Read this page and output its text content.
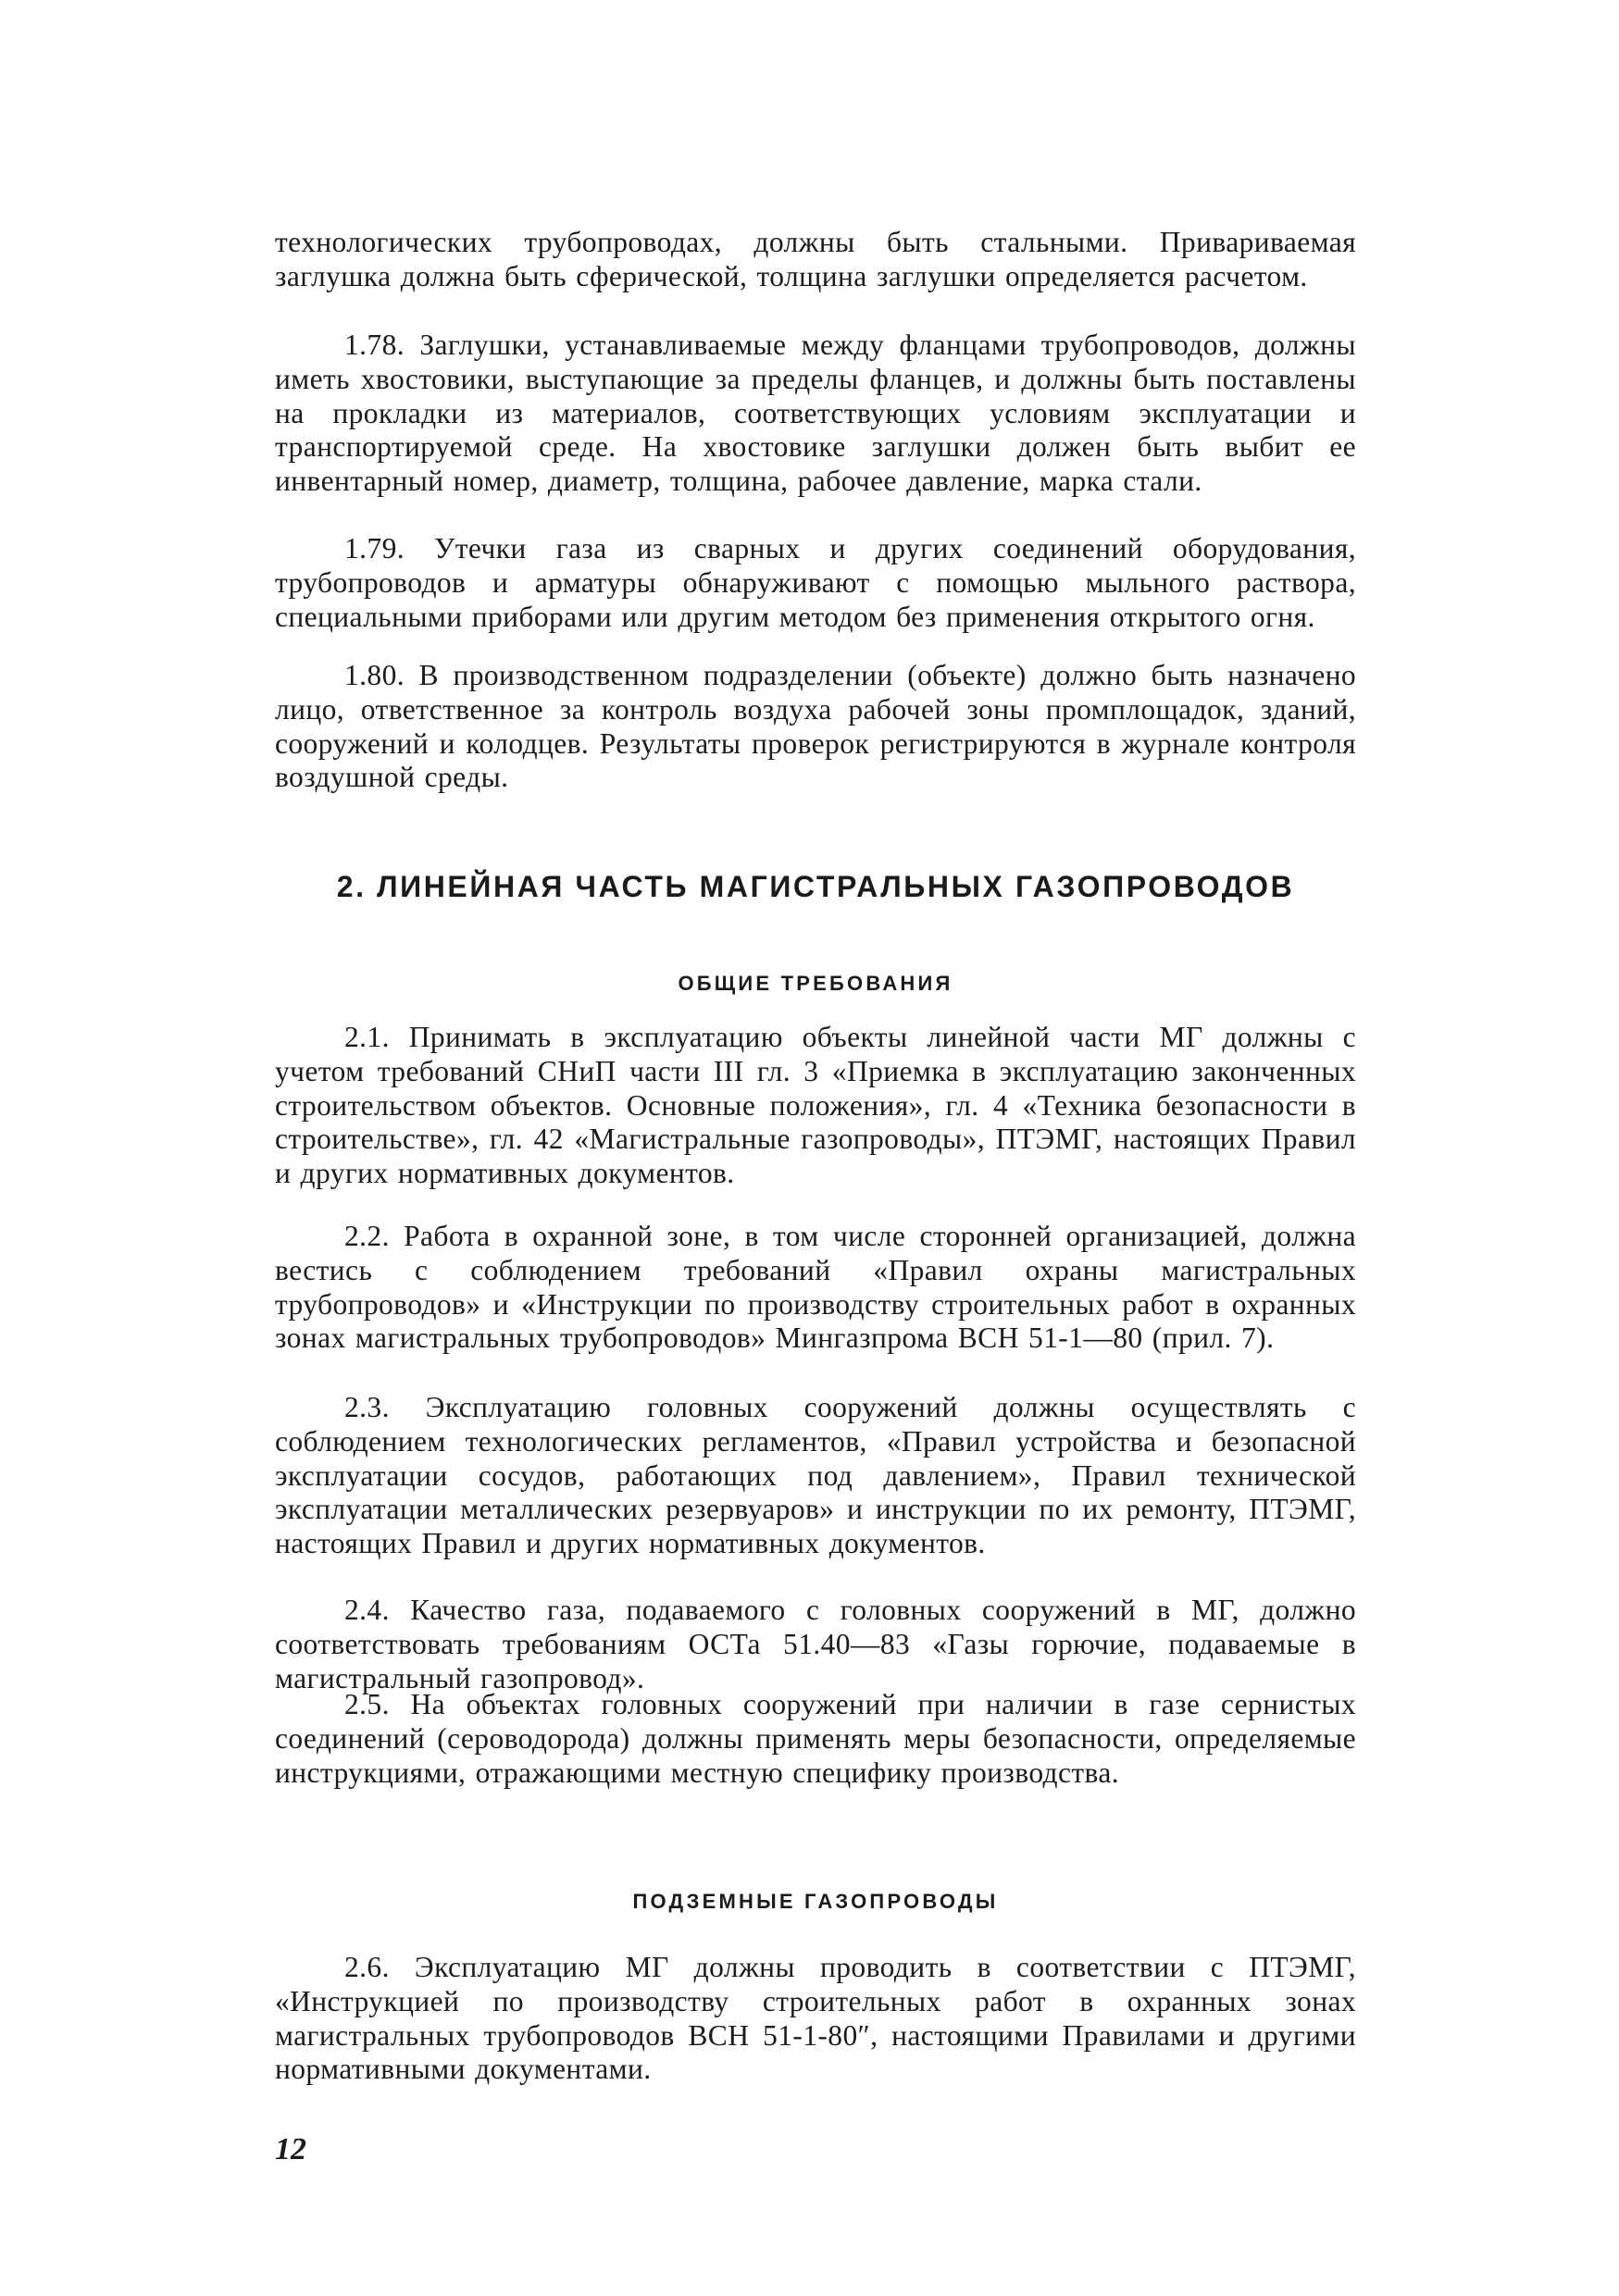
технологических трубопроводах, должны быть стальными. Привариваемая заглушка должна быть сферической, толщина заглушки определяется расчетом.

1.78. Заглушки, устанавливаемые между фланцами трубопроводов, должны иметь хвостовики, выступающие за пределы фланцев, и должны быть поставлены на прокладки из материалов, соответствующих условиям эксплуатации и транспортируемой среде. На хвостовике заглушки должен быть выбит ее инвентарный номер, диаметр, толщина, рабочее давление, марка стали.

1.79. Утечки газа из сварных и других соединений оборудования, трубопроводов и арматуры обнаруживают с помощью мыльного раствора, специальными приборами или другим методом без применения открытого огня.

1.80. В производственном подразделении (объекте) должно быть назначено лицо, ответственное за контроль воздуха рабочей зоны промплощадок, зданий, сооружений и колодцев. Результаты проверок регистрируются в журнале контроля воздушной среды.

2. ЛИНЕЙНАЯ ЧАСТЬ МАГИСТРАЛЬНЫХ ГАЗОПРОВОДОВ
ОБЩИЕ ТРЕБОВАНИЯ

2.1. Принимать в эксплуатацию объекты линейной части МГ должны с учетом требований СНиП части III гл. 3 «Приемка в эксплуатацию законченных строительством объектов. Основные положения», гл. 4 «Техника безопасности в строительстве», гл. 42 «Магистральные газопроводы», ПТЭМГ, настоящих Правил и других нормативных документов.

2.2. Работа в охранной зоне, в том числе сторонней организацией, должна вестись с соблюдением требований «Правил охраны магистральных трубопроводов» и «Инструкции по производству строительных работ в охранных зонах магистральных трубопроводов» Мингазпрома ВСН 51-1—80 (прил. 7).

2.3. Эксплуатацию головных сооружений должны осуществлять с соблюдением технологических регламентов, «Правил устройства и безопасной эксплуатации сосудов, работающих под давлением», Правил технической эксплуатации металлических резервуаров» и инструкции по их ремонту, ПТЭМГ, настоящих Правил и других нормативных документов.

2.4. Качество газа, подаваемого с головных сооружений в МГ, должно соответствовать требованиям ОСТа 51.40—83 «Газы горючие, подаваемые в магистральный газопровод».

2.5. На объектах головных сооружений при наличии в газе сернистых соединений (сероводорода) должны применять меры безопасности, определяемые инструкциями, отражающими местную специфику производства.

ПОДЗЕМНЫЕ ГАЗОПРОВОДЫ

2.6. Эксплуатацию МГ должны проводить в соответствии с ПТЭМГ, «Инструкцией по производству строительных работ в охранных зонах магистральных трубопроводов ВСН 51-1-80″, настоящими Правилами и другими нормативными документами.

12
